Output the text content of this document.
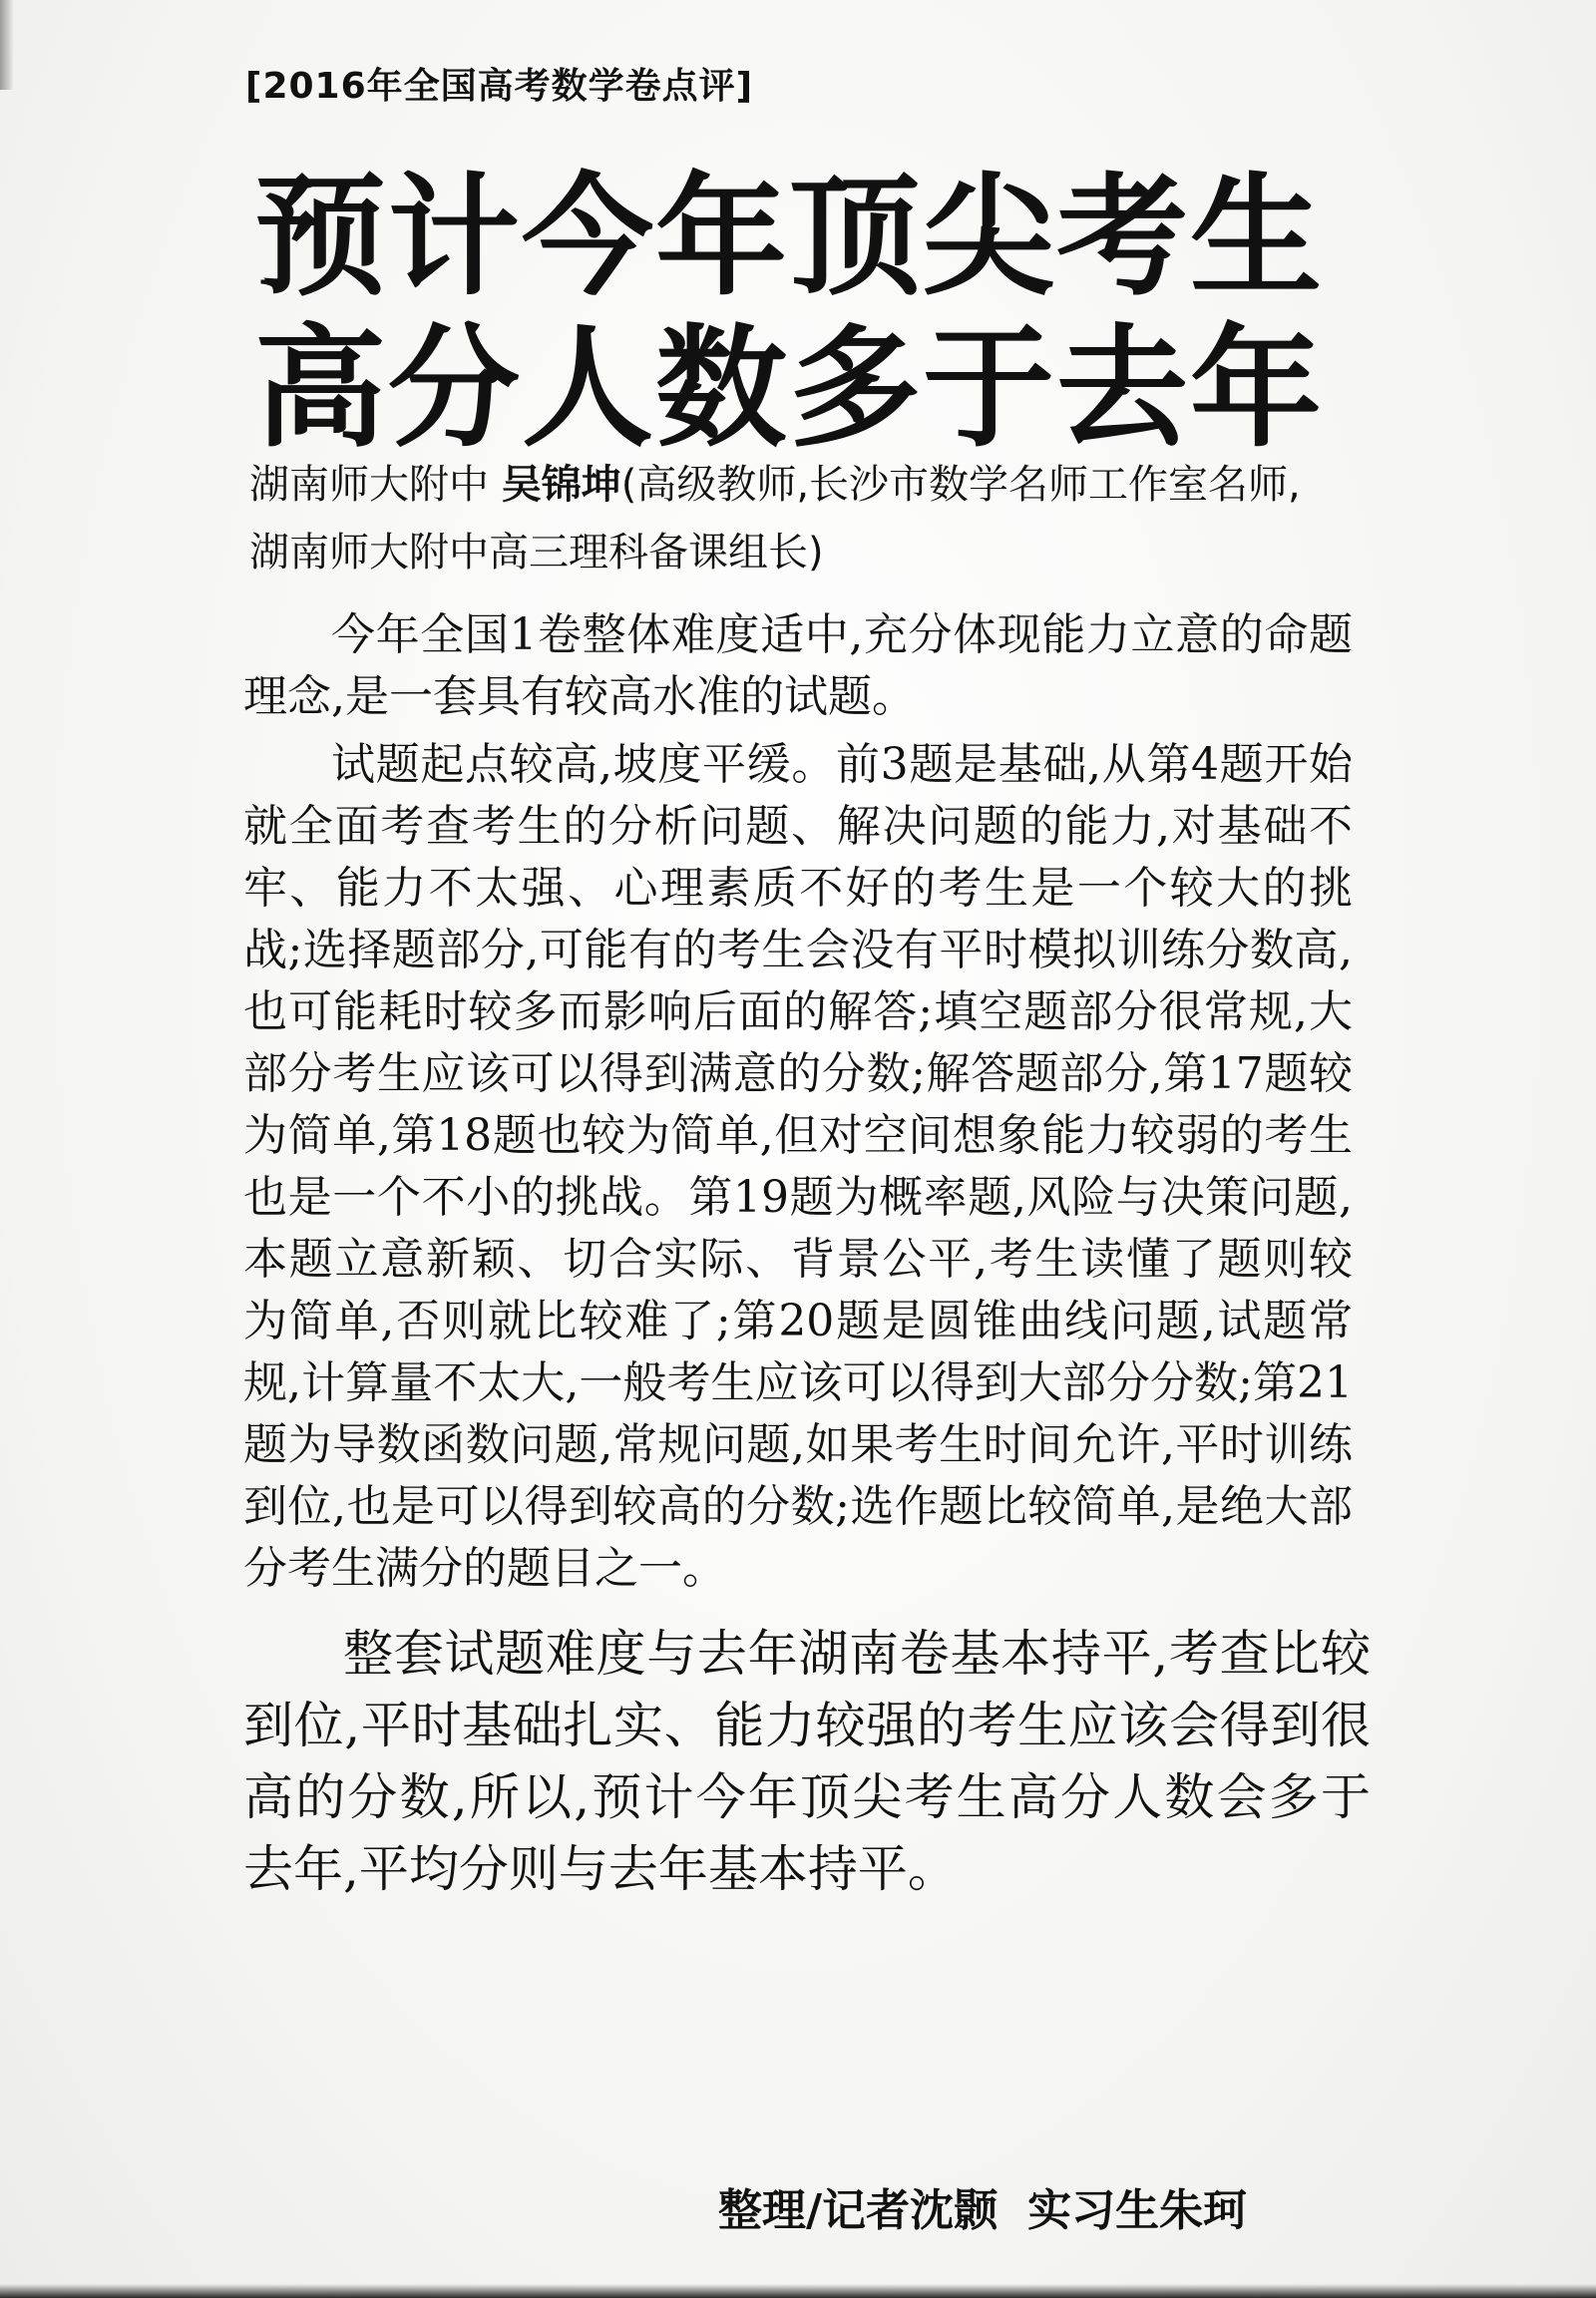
[2016年全国高考数学卷点评]
预计今年顶尖考生
高分人数多于去年
湖南师大附中 吴锦坤(高级教师,长沙市数学名师工作室名师,湖南师大附中高三理科备课组长)

今年全国1卷整体难度适中,充分体现能力立意的命题理念,是一套具有较高水准的试题。

试题起点较高,坡度平缓。前3题是基础,从第4题开始就全面考查考生的分析问题、解决问题的能力,对基础不牢、能力不太强、心理素质不好的考生是一个较大的挑战;选择题部分,可能有的考生会没有平时模拟训练分数高,也可能耗时较多而影响后面的解答;填空题部分很常规,大部分考生应该可以得到满意的分数;解答题部分,第17题较为简单,第18题也较为简单,但对空间想象能力较弱的考生也是一个不小的挑战。第19题为概率题,风险与决策问题,本题立意新颖、切合实际、背景公平,考生读懂了题则较为简单,否则就比较难了;第20题是圆锥曲线问题,试题常规,计算量不太大,一般考生应该可以得到大部分分数;第21题为导数函数问题,常规问题,如果考生时间允许,平时训练到位,也是可以得到较高的分数;选作题比较简单,是绝大部分考生满分的题目之一。

整套试题难度与去年湖南卷基本持平,考查比较到位,平时基础扎实、能力较强的考生应该会得到很高的分数,所以,预计今年顶尖考生高分人数会多于去年,平均分则与去年基本持平。

整理/记者沈颢 实习生朱珂
